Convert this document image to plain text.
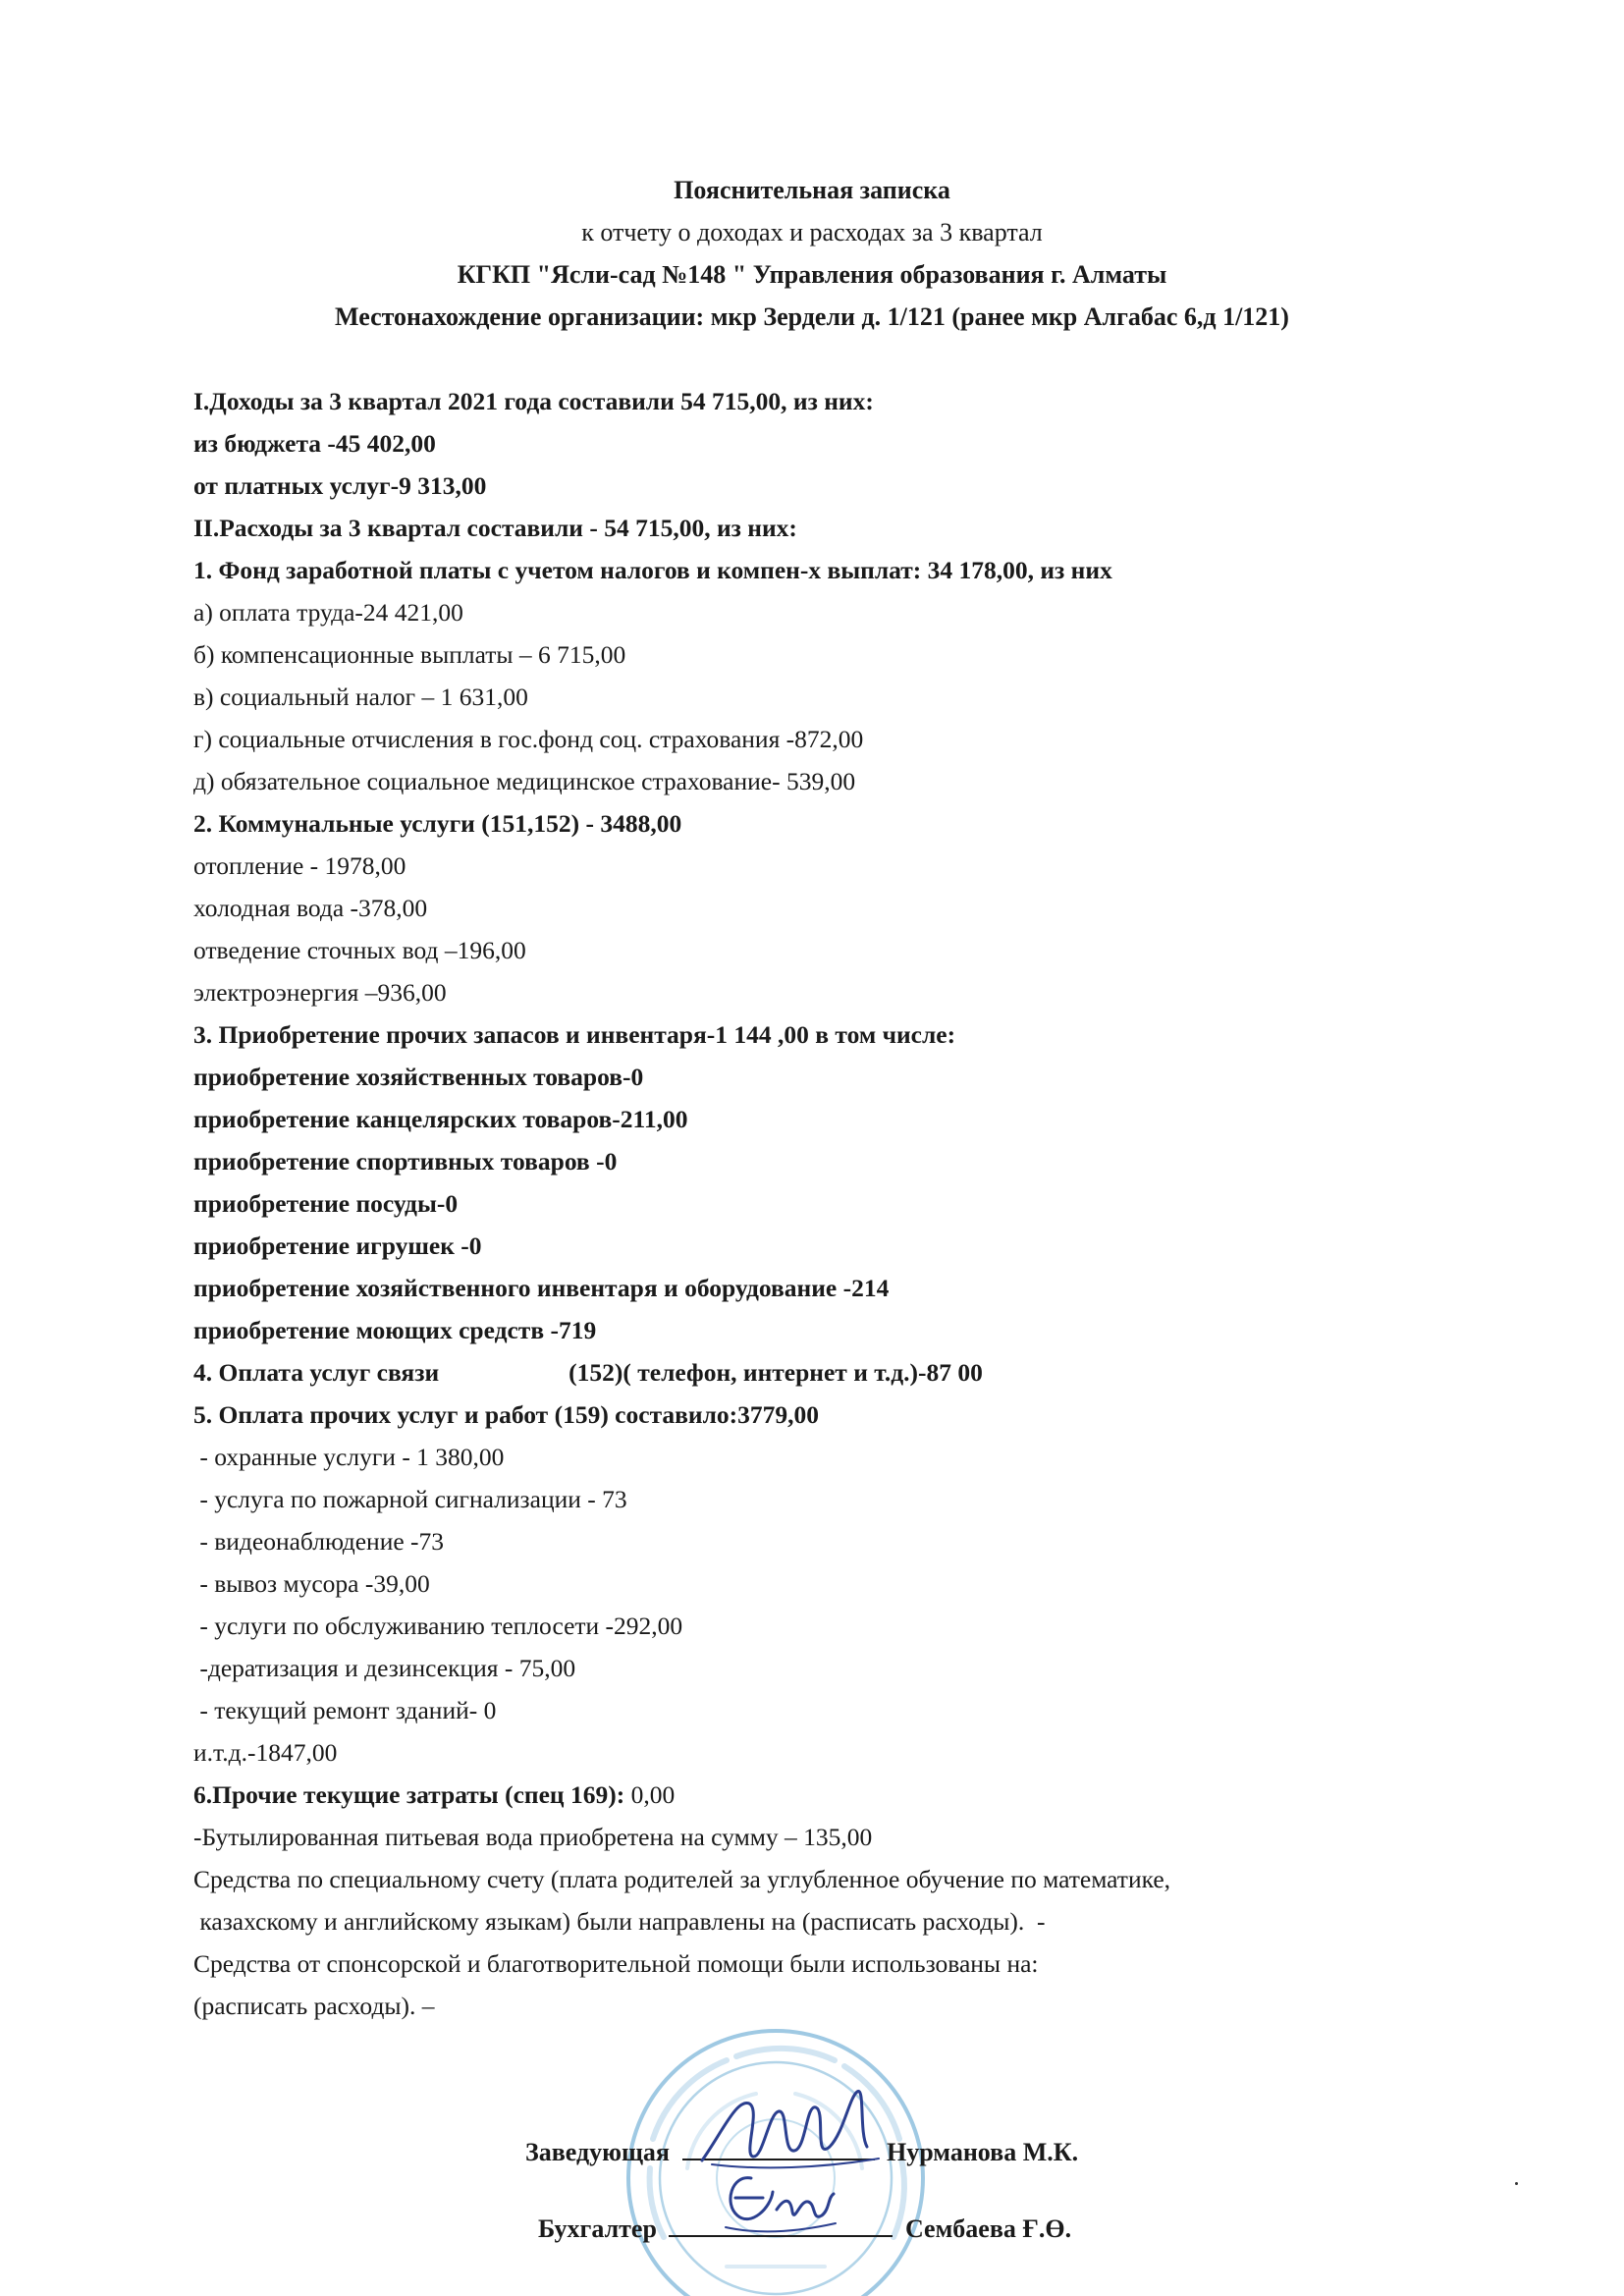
Пояснительная записка
к отчету о доходах и расходах за 3 квартал
КГКП "Ясли-сад №148 " Управления образования г. Алматы
Местонахождение организации: мкр Зердели д. 1/121 (ранее мкр Алгабас 6,д 1/121)
I.Доходы за 3 квартал 2021 года составили 54 715,00, из них:
из бюджета -45 402,00
от платных услуг-9 313,00
II.Расходы за 3 квартал составили - 54 715,00, из них:
1. Фонд заработной платы с учетом налогов и компен-х выплат: 34 178,00, из них
а) оплата труда-24 421,00
б) компенсационные выплаты – 6 715,00
в) социальный налог – 1 631,00
г) социальные отчисления в гос.фонд соц. страхования -872,00
д) обязательное социальное медицинское страхование- 539,00
2. Коммунальные услуги (151,152) - 3488,00
отопление - 1978,00
холодная вода -378,00
отведение сточных вод –196,00
электроэнергия –936,00
3. Приобретение прочих запасов и инвентаря-1 144 ,00 в том числе:
приобретение хозяйственных товаров-0
приобретение канцелярских товаров-211,00
приобретение спортивных товаров -0
приобретение посуды-0
приобретение игрушек -0
приобретение хозяйственного инвентаря и оборудование -214
приобретение моющих средств -719
4. Оплата услуг связи	(152)( телефон, интернет и т.д.)-87 00
5. Оплата прочих услуг и работ (159) составило:3779,00
- охранные услуги - 1 380,00
- услуга по пожарной сигнализации - 73
- видеонаблюдение -73
- вывоз мусора -39,00
- услуги по обслуживанию теплосети -292,00
-дератизация и дезинсекция - 75,00
- текущий ремонт зданий- 0
и.т.д.-1847,00
6.Прочие текущие затраты (спец 169): 0,00
-Бутылированная питьевая вода приобретена на сумму – 135,00
Средства по специальному счету (плата родителей за углубленное обучение по математике,
казахскому и английскому языкам) были направлены на (расписать расходы).  -
Средства от спонсорской и благотворительной помощи были использованы на:
(расписать расходы). –
Заведующая	Нурманова М.К.
Бухгалтер	Сембаева Ғ.Ө.
